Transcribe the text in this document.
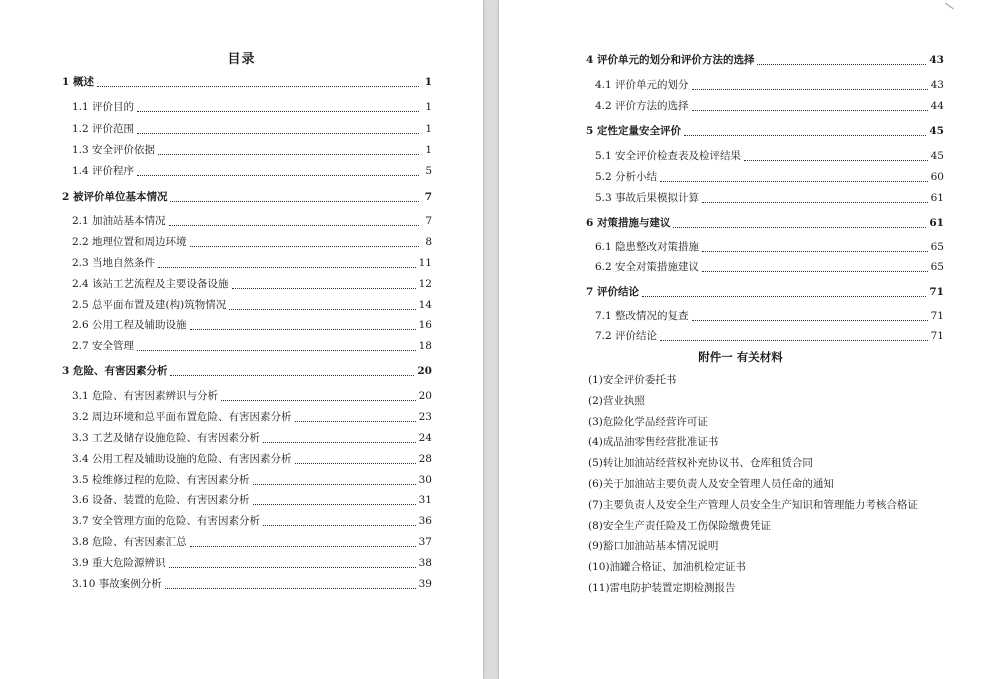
目录
1 概述	1
1.1 评价目的	1
1.2 评价范围	1
1.3 安全评价依据	1
1.4 评价程序	5
2 被评价单位基本情况	7
2.1 加油站基本情况	7
2.2 地理位置和周边环境	8
2.3 当地自然条件	11
2.4 该站工艺流程及主要设备设施	12
2.5 总平面布置及建(构)筑物情况	14
2.6 公用工程及辅助设施	16
2.7 安全管理	18
3 危险、有害因素分析	20
3.1 危险、有害因素辨识与分析	20
3.2 周边环境和总平面布置危险、有害因素分析	23
3.3 工艺及储存设施危险、有害因素分析	24
3.4 公用工程及辅助设施的危险、有害因素分析	28
3.5 检维修过程的危险、有害因素分析	30
3.6 设备、装置的危险、有害因素分析	31
3.7 安全管理方面的危险、有害因素分析	36
3.8 危险、有害因素汇总	37
3.9 重大危险源辨识	38
3.10 事故案例分析	39
4 评价单元的划分和评价方法的选择	43
4.1 评价单元的划分	43
4.2 评价方法的选择	44
5 定性定量安全评价	45
5.1 安全评价检查表及检评结果	45
5.2 分析小结	60
5.3 事故后果模拟计算	61
6 对策措施与建议	61
6.1 隐患整改对策措施	65
6.2 安全对策措施建议	65
7 评价结论	71
7.1 整改情况的复查	71
7.2 评价结论	71
附件一 有关材料
(1)安全评价委托书
(2)营业执照
(3)危险化学品经营许可证
(4)成品油零售经营批准证书
(5)转让加油站经营权补充协议书、仓库租赁合同
(6)关于加油站主要负责人及安全管理人员任命的通知
(7)主要负责人及安全生产管理人员安全生产知识和管理能力考核合格证
(8)安全生产责任险及工伤保险缴费凭证
(9)豁口加油站基本情况说明
(10)油罐合格证、加油机检定证书
(11)雷电防护装置定期检测报告
